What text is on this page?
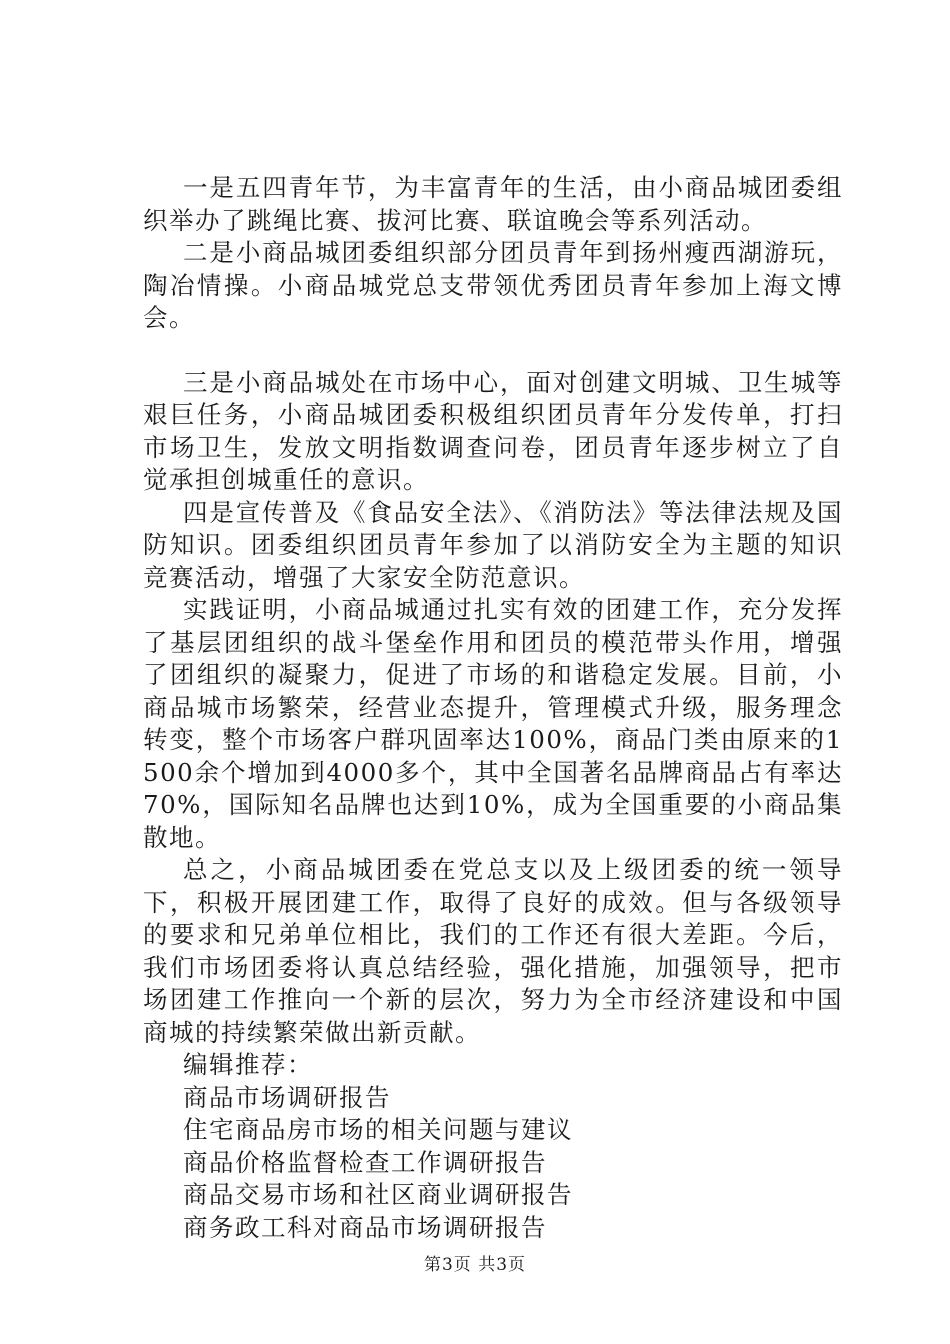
一是五四青年节，为丰富青年的生活，由小商品城团委组织举办了跳绳比赛、拔河比赛、联谊晚会等系列活动。

二是小商品城团委组织部分团员青年到扬州瘦西湖游玩，陶冶情操。小商品城党总支带领优秀团员青年参加上海文博会。

三是小商品城处在市场中心，面对创建文明城、卫生城等艰巨任务，小商品城团委积极组织团员青年分发传单，打扫市场卫生，发放文明指数调查问卷，团员青年逐步树立了自觉承担创城重任的意识。

四是宣传普及《食品安全法》、《消防法》等法律法规及国防知识。团委组织团员青年参加了以消防安全为主题的知识竞赛活动，增强了大家安全防范意识。

实践证明，小商品城通过扎实有效的团建工作，充分发挥了基层团组织的战斗堡垒作用和团员的模范带头作用，增强了团组织的凝聚力，促进了市场的和谐稳定发展。目前，小商品城市场繁荣，经营业态提升，管理模式升级，服务理念转变，整个市场客户群巩固率达100%，商品门类由原来的1500余个增加到4000多个，其中全国著名品牌商品占有率达70%，国际知名品牌也达到10%，成为全国重要的小商品集散地。

总之，小商品城团委在党总支以及上级团委的统一领导下，积极开展团建工作，取得了良好的成效。但与各级领导的要求和兄弟单位相比，我们的工作还有很大差距。今后，我们市场团委将认真总结经验，强化措施，加强领导，把市场团建工作推向一个新的层次，努力为全市经济建设和中国商城的持续繁荣做出新贡献。

编辑推荐：
商品市场调研报告
住宅商品房市场的相关问题与建议
商品价格监督检查工作调研报告
商品交易市场和社区商业调研报告
商务政工科对商品市场调研报告
第3页 共3页
